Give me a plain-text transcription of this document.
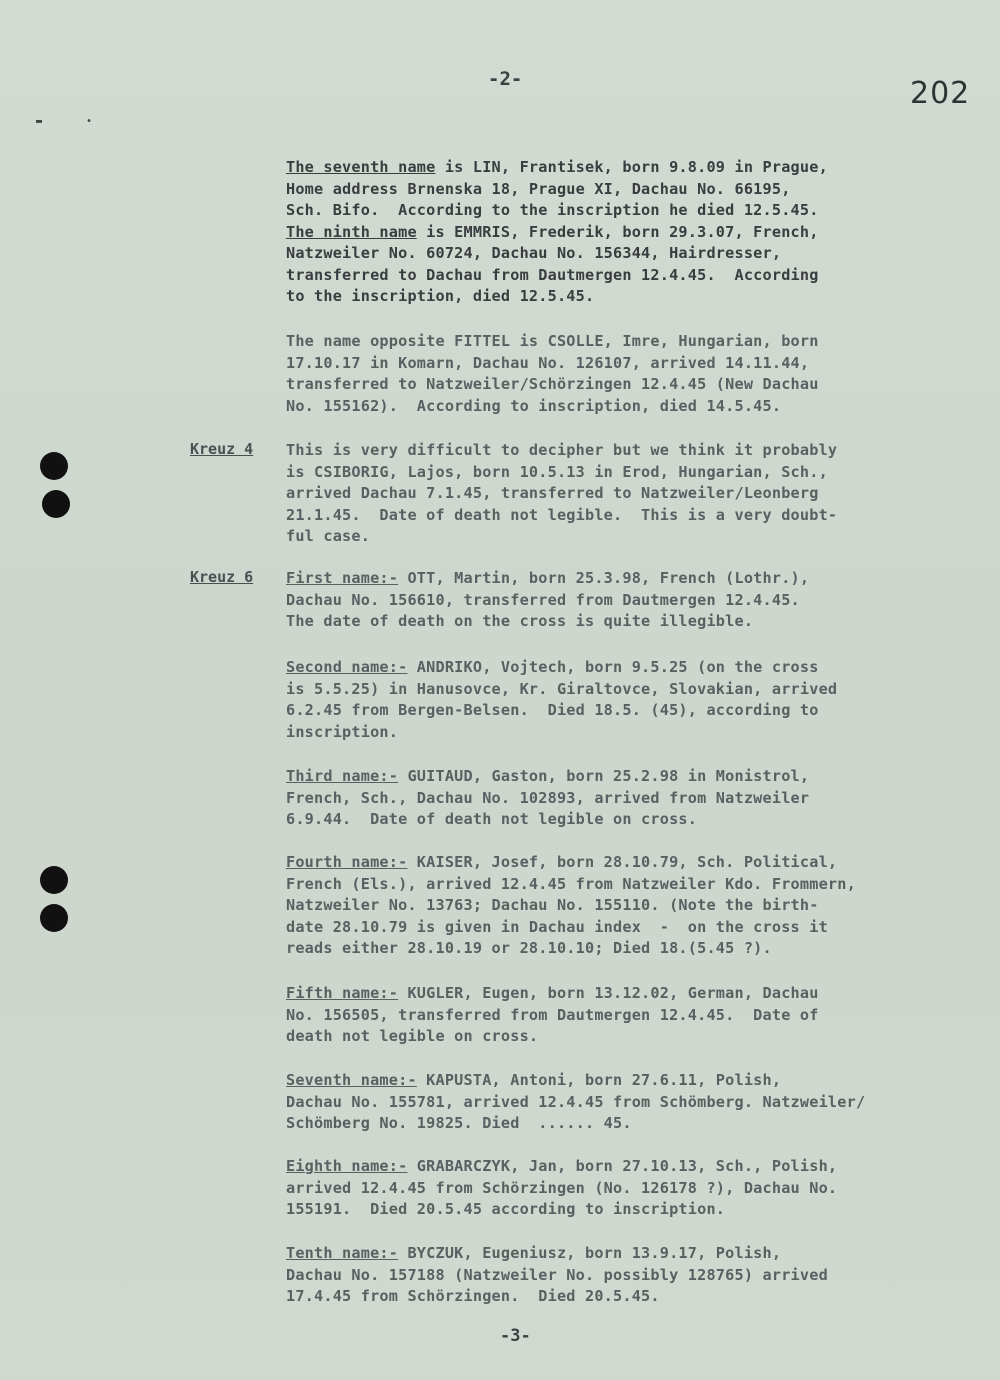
-2-	202
▬	•
The seventh name is LIN, Frantisek, born 9.8.09 in Prague,
Home address Brnenska 18, Prague XI, Dachau No. 66195,
Sch. Bifo.  According to the inscription he died 12.5.45.
The ninth name is EMMRIS, Frederik, born 29.3.07, French,
Natzweiler No. 60724, Dachau No. 156344, Hairdresser,
transferred to Dachau from Dautmergen 12.4.45.  According
to the inscription, died 12.5.45.
The name opposite FITTEL is CSOLLE, Imre, Hungarian, born
17.10.17 in Komarn, Dachau No. 126107, arrived 14.11.44,
transferred to Natzweiler/Schörzingen 12.4.45 (New Dachau
No. 155162).  According to inscription, died 14.5.45.
Kreuz 4 This is very difficult to decipher but we think it probably
is CSIBORIG, Lajos, born 10.5.13 in Erod, Hungarian, Sch.,
arrived Dachau 7.1.45, transferred to Natzweiler/Leonberg
21.1.45.  Date of death not legible.  This is a very doubt-
ful case.
Kreuz 6 First name:- OTT, Martin, born 25.3.98, French (Lothr.),
Dachau No. 156610, transferred from Dautmergen 12.4.45.
The date of death on the cross is quite illegible.
Second name:- ANDRIKO, Vojtech, born 9.5.25 (on the cross
is 5.5.25) in Hanusovce, Kr. Giraltovce, Slovakian, arrived
6.2.45 from Bergen-Belsen.  Died 18.5. (45), according to
inscription.
Third name:- GUITAUD, Gaston, born 25.2.98 in Monistrol,
French, Sch., Dachau No. 102893, arrived from Natzweiler
6.9.44.  Date of death not legible on cross.
Fourth name:- KAISER, Josef, born 28.10.79, Sch. Political,
French (Els.), arrived 12.4.45 from Natzweiler Kdo. Frommern,
Natzweiler No. 13763; Dachau No. 155110. (Note the birth-
date 28.10.79 is given in Dachau index  -  on the cross it
reads either 28.10.19 or 28.10.10; Died 18.(5.45 ?).
Fifth name:- KUGLER, Eugen, born 13.12.02, German, Dachau
No. 156505, transferred from Dautmergen 12.4.45.  Date of
death not legible on cross.
Seventh name:- KAPUSTA, Antoni, born 27.6.11, Polish,
Dachau No. 155781, arrived 12.4.45 from Schömberg. Natzweiler/
Schömberg No. 19825. Died  ...... 45.
Eighth name:- GRABARCZYK, Jan, born 27.10.13, Sch., Polish,
arrived 12.4.45 from Schörzingen (No. 126178 ?), Dachau No.
155191.  Died 20.5.45 according to inscription.
Tenth name:- BYCZUK, Eugeniusz, born 13.9.17, Polish,
Dachau No. 157188 (Natzweiler No. possibly 128765) arrived
17.4.45 from Schörzingen.  Died 20.5.45.
-3-
